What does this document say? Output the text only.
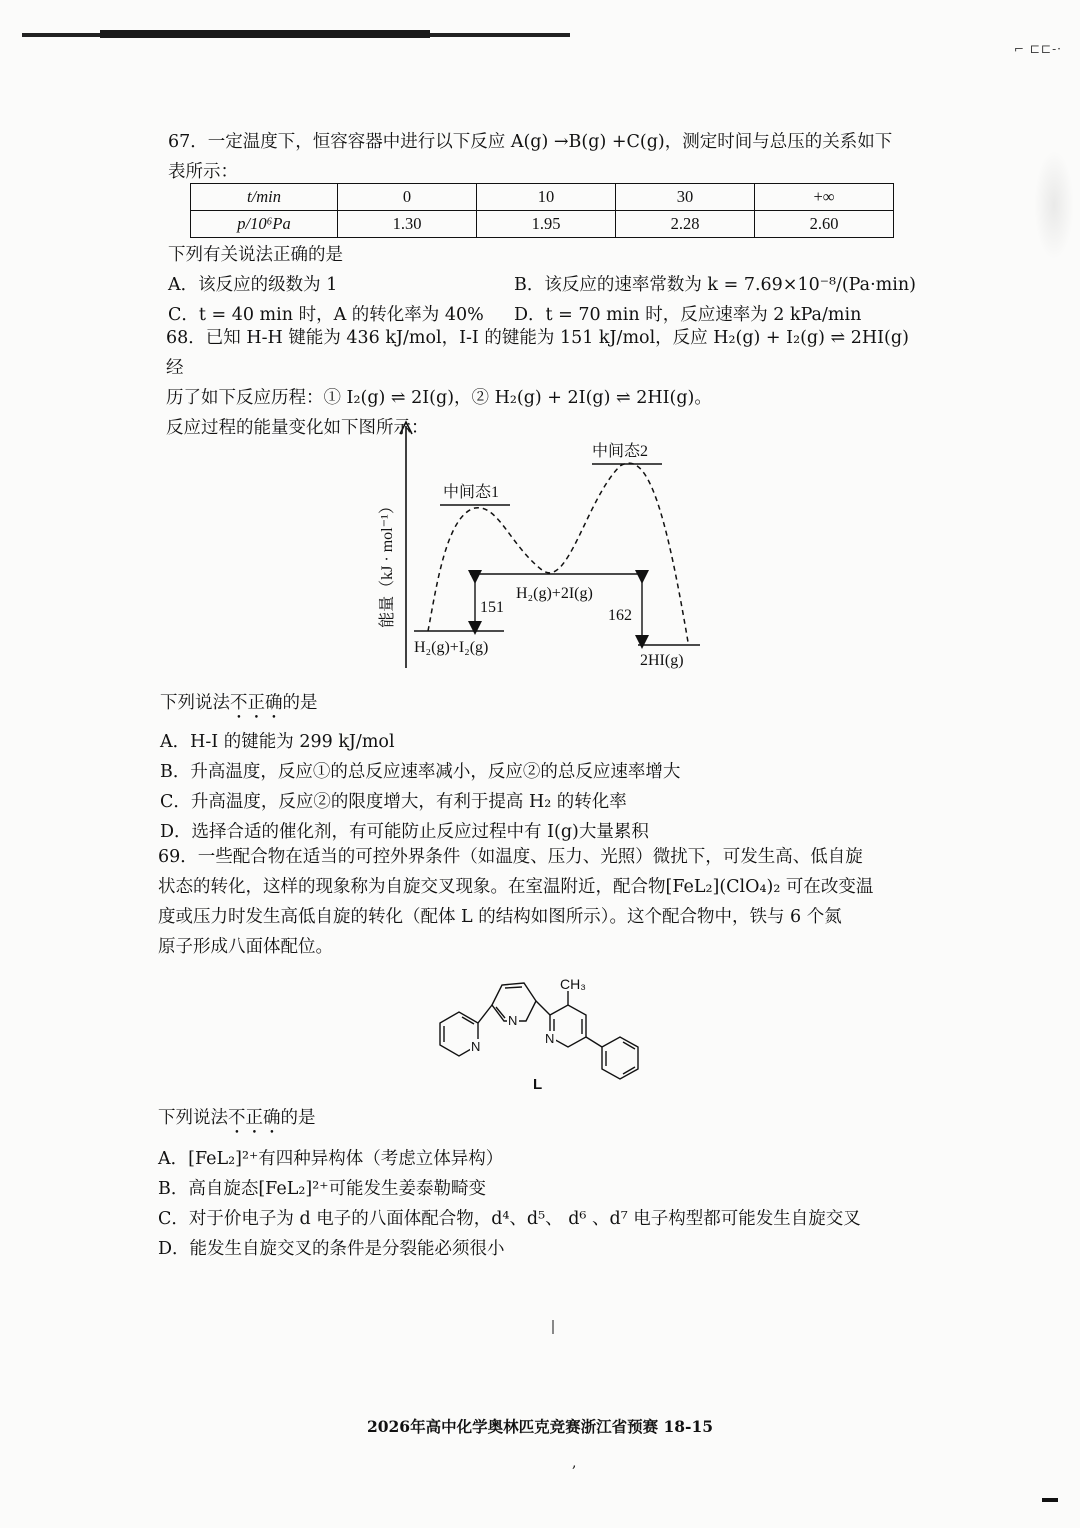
⌐ ⊏⊏-·

67．一定温度下，恒容容器中进行以下反应 A(g) →B(g) +C(g)，测定时间与总压的关系如下

表所示：

t/min	0	10	30	+∞
p/10⁶Pa	1.30	1.95	2.28	2.60

下列有关说法正确的是

A．该反应的级数为 1	B．该反应的速率常数为 k = 7.69×10⁻⁸/(Pa·min)
C．t = 40 min 时，A 的转化率为 40%	D．t = 70 min 时，反应速率为 2 kPa/min

68．已知 H-H 键能为 436 kJ/mol，I-I 的键能为 151 kJ/mol，反应 H₂(g) + I₂(g) ⇌ 2HI(g)经

历了如下反应历程：① I₂(g) ⇌ 2I(g)，② H₂(g) + 2I(g) ⇌ 2HI(g)。

反应过程的能量变化如下图所示：

能量（kJ · mol⁻¹）
中间态1
中间态2
H₂(g)+2I(g)
H₂(g)+I₂(g)
2HI(g)
151	162

下列说法不正确的是

A．H-I 的键能为 299 kJ/mol

B．升高温度，反应①的总反应速率减小，反应②的总反应速率增大

C．升高温度，反应②的限度增大，有利于提高 H₂ 的转化率

D．选择合适的催化剂，有可能防止反应过程中有 I(g)大量累积

69．一些配合物在适当的可控外界条件（如温度、压力、光照）微扰下，可发生高、低自旋

状态的转化，这样的现象称为自旋交叉现象。在室温附近，配合物[FeL₂](ClO₄)₂ 可在改变温

度或压力时发生高低自旋的转化（配体 L 的结构如图所示）。这个配合物中，铁与 6 个氮

原子形成八面体配位。

N
N
N
CH₃
L

下列说法不正确的是

A．[FeL₂]²⁺有四种异构体（考虑立体异构）

B．高自旋态[FeL₂]²⁺可能发生姜泰勒畸变

C．对于价电子为 d 电子的八面体配合物，d⁴、d⁵、 d⁶ 、d⁷ 电子构型都可能发生自旋交叉

D．能发生自旋交叉的条件是分裂能必须很小

2026年高中化学奥林匹克竞赛浙江省预赛 18-15
,
